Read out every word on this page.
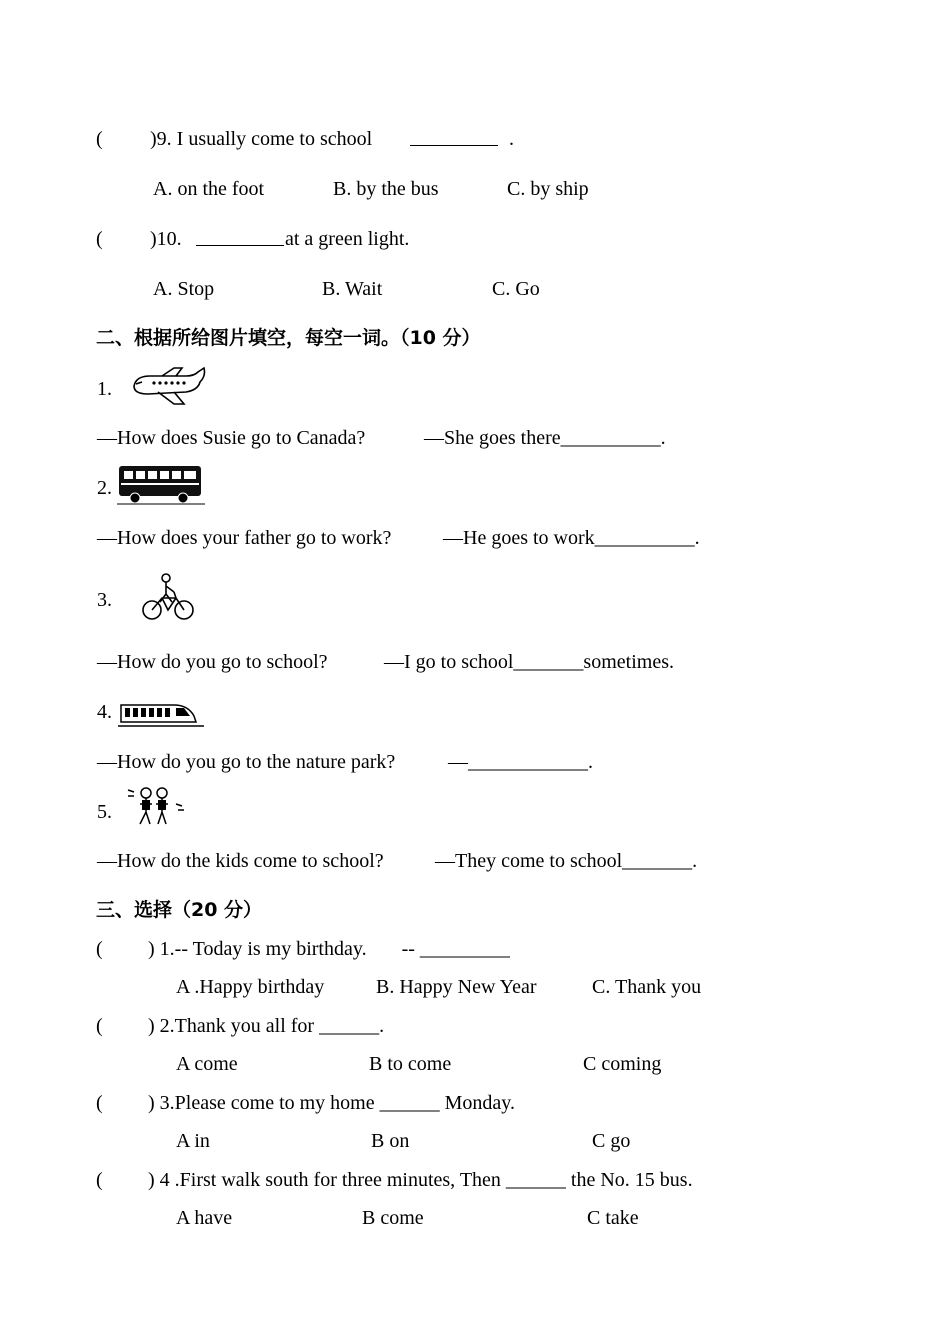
( )9. I usually come to school	.
A. on the foot	B. by the bus	C. by ship
( )10.	at a green light.
A. Stop	B. Wait	C. Go
二、根据所给图片填空，每空一词。（10 分）
1.
—How does Susie go to Canada?	—She goes there__________.
2.
—How does your father go to work?	—He goes to work__________.
3.
—How do you go to school?	—I go to school_______sometimes.
4.
—How do you go to the nature park?	—____________.
5.
—How do the kids come to school?	—They come to school_______.
三、选择（20 分）
( ) 1.-- Today is my birthday.       -- _________
A .Happy birthday	B. Happy New Year	C. Thank you
( ) 2.Thank you all for ______.
A come	B to come	C coming
( ) 3.Please come to my home ______ Monday.
A in	B on	C go
( ) 4 .First walk south for three minutes, Then ______ the No. 15 bus.
A have	B come	C take
